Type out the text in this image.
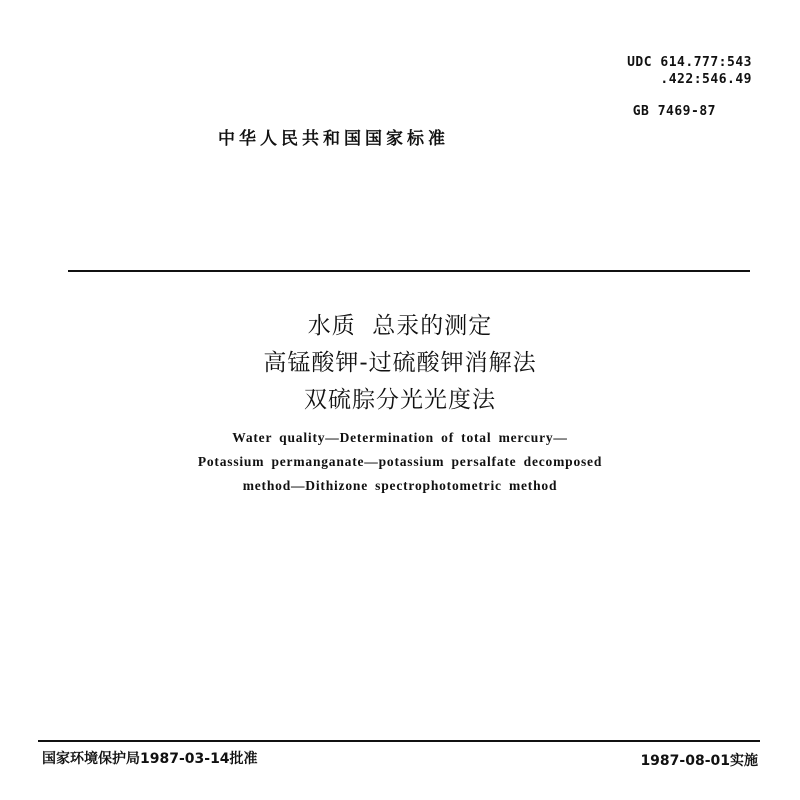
UDC 614.777:543
.422:546.49
GB 7469-87
中华人民共和国国家标准
水质  总汞的测定
高锰酸钾-过硫酸钾消解法
双硫腙分光光度法
Water quality—Determination of total mercury—
Potassium permanganate—potassium persalfate decomposed
method—Dithizone spectrophotometric method
国家环境保护局1987-03-14批准	1987-08-01实施
